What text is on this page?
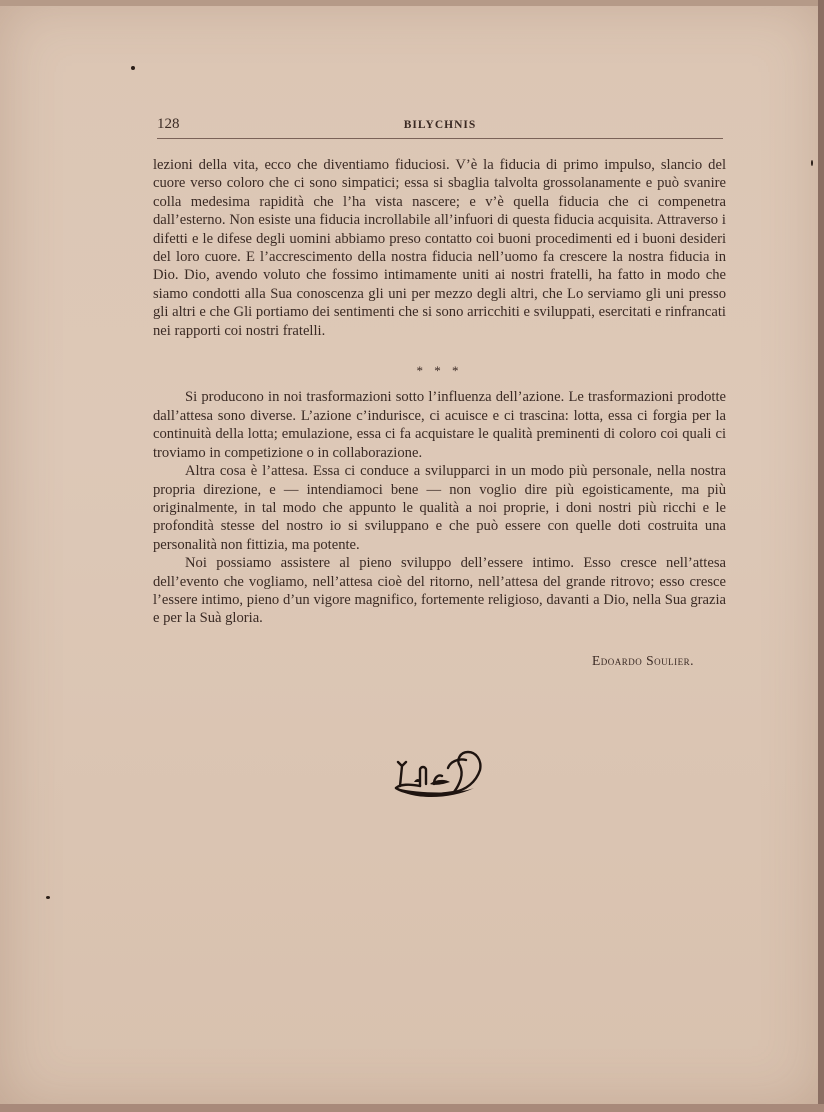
128	BILYCHNIS

lezioni della vita, ecco che diventiamo fiduciosi. V’è la fiducia di primo impulso, slancio del cuore verso coloro che ci sono simpatici; essa si sbaglia talvolta grossolanamente e può svanire colla medesima rapidità che l’ha vista nascere; e v’è quella fiducia che ci compenetra dall’esterno. Non esiste una fiducia incrollabile all’infuori di questa fiducia acquisita. Attraverso i difetti e le difese degli uomini abbiamo preso contatto coi buoni procedimenti ed i buoni desideri del loro cuore. E l’accrescimento della nostra fiducia nell’uomo fa crescere la nostra fiducia in Dio. Dio, avendo voluto che fossimo intimamente uniti ai nostri fratelli, ha fatto in modo che siamo condotti alla Sua conoscenza gli uni per mezzo degli altri, che Lo serviamo gli uni presso gli altri e che Gli portiamo dei sentimenti che si sono arricchiti e sviluppati, esercitati e rinfrancati nei rapporti coi nostri fratelli.

* * *

Si producono in noi trasformazioni sotto l’influenza dell’azione. Le trasformazioni prodotte dall’attesa sono diverse. L’azione c’indurisce, ci acuisce e ci trascina: lotta, essa ci forgia per la continuità della lotta; emulazione, essa ci fa acquistare le qualità preminenti di coloro coi quali ci troviamo in competizione o in collaborazione.

Altra cosa è l’attesa. Essa ci conduce a svilupparci in un modo più personale, nella nostra propria direzione, e — intendiamoci bene — non voglio dire più egoisticamente, ma più originalmente, in tal modo che appunto le qualità a noi proprie, i doni nostri più ricchi e le profondità stesse del nostro io si sviluppano e che può essere con quelle doti costruita una personalità non fittizia, ma potente.

Noi possiamo assistere al pieno sviluppo dell’essere intimo. Esso cresce nell’attesa dell’evento che vogliamo, nell’attesa cioè del ritorno, nell’attesa del grande ritrovo; esso cresce l’essere intimo, pieno d’un vigore magnifico, fortemente religioso, davanti a Dio, nella Sua grazia e per la Suà gloria.

Edoardo Soulier.
